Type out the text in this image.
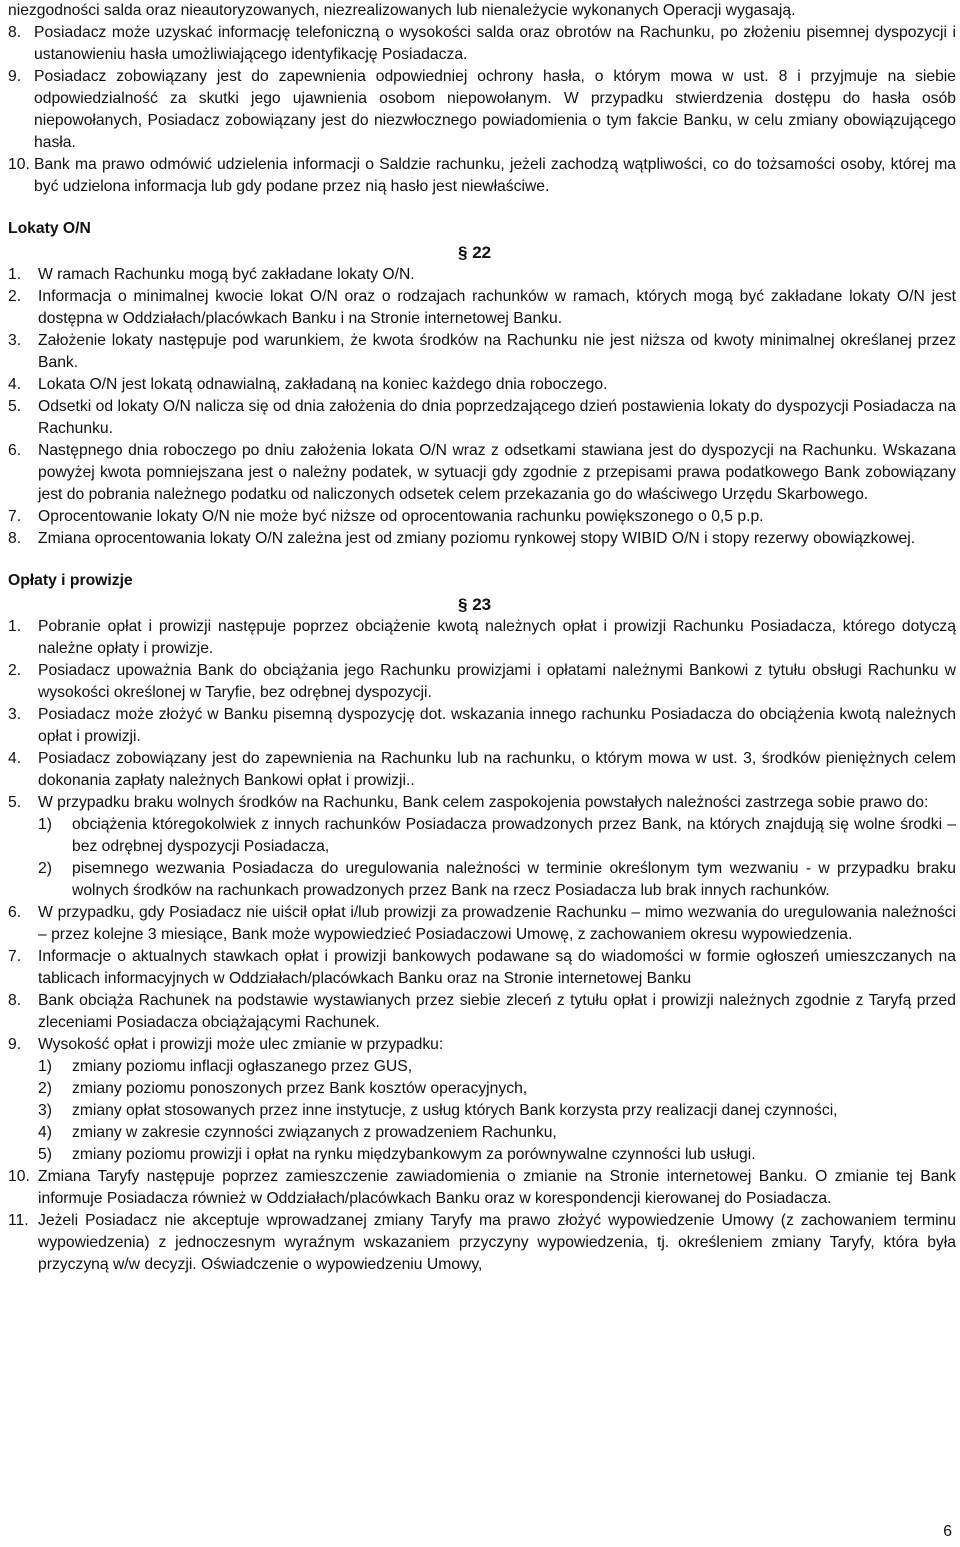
niezgodności salda oraz nieautoryzowanych, niezrealizowanych lub nienależycie wykonanych Operacji wygasają.

8. Posiadacz może uzyskać informację telefoniczną o wysokości salda oraz obrotów na Rachunku, po złożeniu pisemnej dyspozycji i ustanowieniu hasła umożliwiającego identyfikację Posiadacza.
9. Posiadacz zobowiązany jest do zapewnienia odpowiedniej ochrony hasła, o którym mowa w ust. 8 i przyjmuje na siebie odpowiedzialność za skutki jego ujawnienia osobom niepowołanym. W przypadku stwierdzenia dostępu do hasła osób niepowołanych, Posiadacz zobowiązany jest do niezwłocznego powiadomienia o tym fakcie Banku, w celu zmiany obowiązującego hasła.
10. Bank ma prawo odmówić udzielenia informacji o Saldzie rachunku, jeżeli zachodzą wątpliwości, co do tożsamości osoby, której ma być udzielona informacja lub gdy podane przez nią hasło jest niewłaściwe.

Lokaty O/N

§ 22

1.	W ramach Rachunku mogą być zakładane lokaty O/N.
2.	Informacja o minimalnej kwocie lokat O/N oraz o rodzajach rachunków w ramach, których mogą być zakładane lokaty O/N jest dostępna w Oddziałach/placówkach Banku i na Stronie internetowej Banku.
3.	Założenie lokaty następuje pod warunkiem, że kwota środków na Rachunku nie jest niższa od kwoty minimalnej określanej przez Bank.
4.	Lokata O/N jest lokatą odnawialną, zakładaną na koniec każdego dnia roboczego.
5.	Odsetki od lokaty O/N nalicza się od dnia założenia do dnia poprzedzającego dzień postawienia lokaty do dyspozycji Posiadacza na Rachunku.
6.	Następnego dnia roboczego po dniu założenia lokata O/N wraz z odsetkami stawiana jest do dyspozycji na Rachunku. Wskazana powyżej kwota pomniejszana jest o należny podatek, w sytuacji gdy zgodnie z przepisami prawa podatkowego Bank zobowiązany jest do pobrania należnego podatku od naliczonych odsetek celem przekazania go do właściwego Urzędu Skarbowego.
7.	Oprocentowanie lokaty O/N nie może być niższe od oprocentowania rachunku powiększonego o 0,5 p.p.
8.	Zmiana oprocentowania lokaty O/N zależna jest od zmiany poziomu rynkowej stopy WIBID O/N i stopy rezerwy obowiązkowej.

Opłaty i prowizje

§ 23

1.	Pobranie opłat i prowizji następuje poprzez obciążenie kwotą należnych opłat i prowizji Rachunku Posiadacza, którego dotyczą należne opłaty i prowizje.
2.	Posiadacz upoważnia Bank do obciążania jego Rachunku prowizjami i opłatami należnymi Bankowi z tytułu obsługi Rachunku w wysokości określonej w Taryfie, bez odrębnej dyspozycji.
3.	Posiadacz może złożyć w Banku pisemną dyspozycję dot. wskazania innego rachunku Posiadacza do obciążenia kwotą należnych opłat i prowizji.
4.	Posiadacz zobowiązany jest do zapewnienia na Rachunku lub na rachunku, o którym mowa w ust. 3, środków pieniężnych celem dokonania zapłaty należnych Bankowi opłat i prowizji..
5.	W przypadku braku wolnych środków na Rachunku, Bank celem zaspokojenia powstałych należności zastrzega sobie prawo do:
1)	obciążenia któregokolwiek z innych rachunków Posiadacza prowadzonych przez Bank, na których znajdują się wolne środki – bez odrębnej dyspozycji Posiadacza,
2)	pisemnego wezwania Posiadacza do uregulowania należności w terminie określonym tym wezwaniu - w przypadku braku wolnych środków na rachunkach prowadzonych przez Bank na rzecz Posiadacza lub brak innych rachunków.
6.	W przypadku, gdy Posiadacz nie uiścił opłat i/lub prowizji za prowadzenie Rachunku – mimo wezwania do uregulowania należności – przez kolejne 3 miesiące, Bank może wypowiedzieć Posiadaczowi Umowę, z zachowaniem okresu wypowiedzenia.
7.	Informacje o aktualnych stawkach opłat i prowizji bankowych podawane są do wiadomości w formie ogłoszeń umieszczanych na tablicach informacyjnych w Oddziałach/placówkach Banku oraz na Stronie internetowej Banku
8.	Bank obciąża Rachunek na podstawie wystawianych przez siebie zleceń z tytułu opłat i prowizji należnych zgodnie z Taryfą przed zleceniami Posiadacza obciążającymi Rachunek.
9.	Wysokość opłat i prowizji może ulec zmianie w przypadku:
1)	zmiany poziomu inflacji ogłaszanego przez GUS,
2)	zmiany poziomu ponoszonych przez Bank kosztów operacyjnych,
3)	zmiany opłat stosowanych przez inne instytucje, z usług których Bank korzysta przy realizacji danej czynności,
4)	zmiany w zakresie czynności związanych z prowadzeniem Rachunku,
5)	zmiany poziomu prowizji i opłat na rynku międzybankowym za porównywalne czynności lub usługi.
10. Zmiana Taryfy następuje poprzez zamieszczenie zawiadomienia o zmianie na Stronie internetowej Banku. O zmianie tej Bank informuje Posiadacza również w Oddziałach/placówkach Banku oraz w korespondencji kierowanej do Posiadacza.
11. Jeżeli Posiadacz nie akceptuje wprowadzanej zmiany Taryfy ma prawo złożyć wypowiedzenie Umowy (z zachowaniem terminu wypowiedzenia) z jednoczesnym wyraźnym wskazaniem przyczyny wypowiedzenia, tj. określeniem zmiany Taryfy, która była przyczyną w/w decyzji. Oświadczenie o wypowiedzeniu Umowy,
6
